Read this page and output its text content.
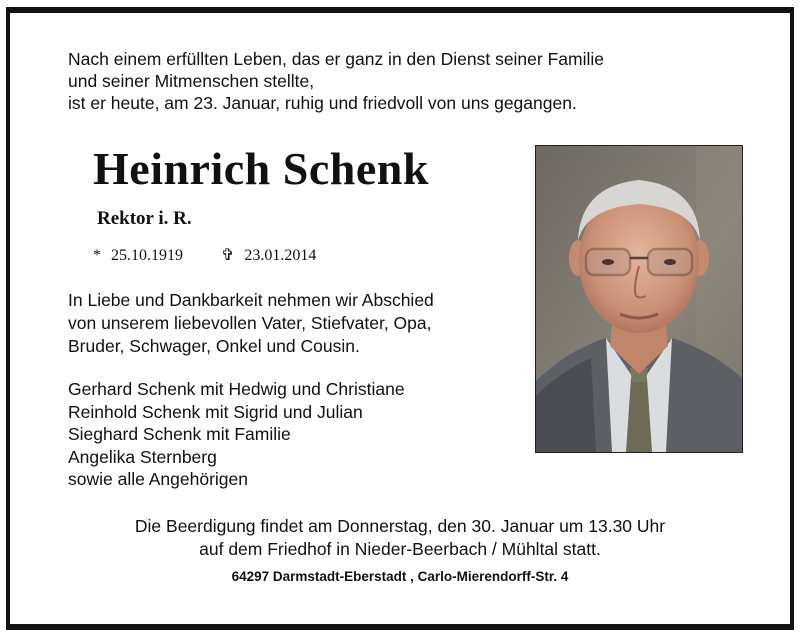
Nach einem erfüllten Leben, das er ganz in den Dienst seiner Familie
und seiner Mitmenschen stellte,
ist er heute, am 23. Januar, ruhig und friedvoll von uns gegangen.
Heinrich Schenk
Rektor i. R.
* 25.10.1919 ✞ 23.01.2014
In Liebe und Dankbarkeit nehmen wir Abschied
von unserem liebevollen Vater, Stiefvater, Opa,
Bruder, Schwager, Onkel und Cousin.
Gerhard Schenk mit Hedwig und Christiane
Reinhold Schenk mit Sigrid und Julian
Sieghard Schenk mit Familie
Angelika Sternberg
sowie alle Angehörigen
Die Beerdigung findet am Donnerstag, den 30. Januar um 13.30 Uhr
auf dem Friedhof in Nieder-Beerbach / Mühltal statt.
64297 Darmstadt-Eberstadt , Carlo-Mierendorff-Str. 4
